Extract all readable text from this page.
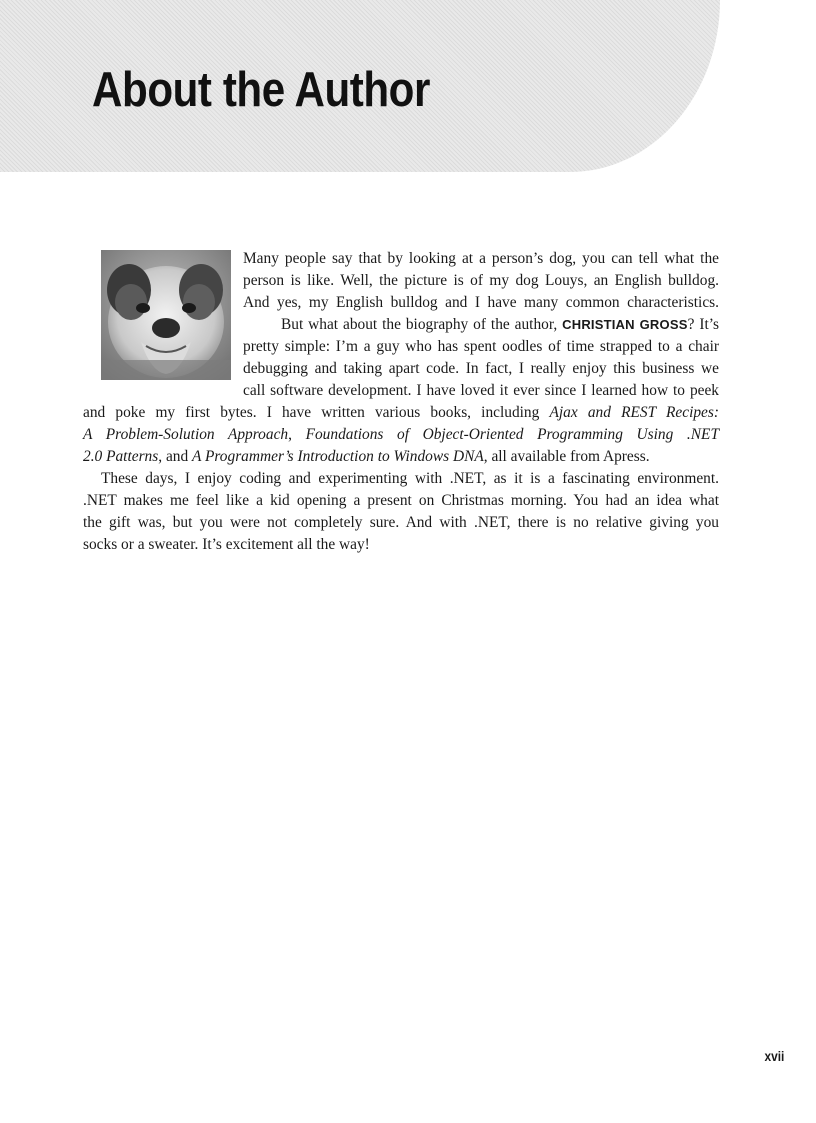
About the Author
Many people say that by looking at a person’s dog, you can tell what the
person is like. Well, the picture is of my dog Louys, an English bulldog.
And yes, my English bulldog and I have many common characteristics.
But what about the biography of the author, CHRISTIAN GROSS? It’s
pretty simple: I’m a guy who has spent oodles of time strapped to a chair
debugging and taking apart code. In fact, I really enjoy this business we
call software development. I have loved it ever since I learned how to peek
and poke my first bytes. I have written various books, including Ajax and REST Recipes:
A Problem-Solution Approach, Foundations of Object-Oriented Programming Using .NET
2.0 Patterns, and A Programmer’s Introduction to Windows DNA, all available from Apress.
These days, I enjoy coding and experimenting with .NET, as it is a fascinating environment.
.NET makes me feel like a kid opening a present on Christmas morning. You had an idea what
the gift was, but you were not completely sure. And with .NET, there is no relative giving you
socks or a sweater. It’s excitement all the way!
xvii
